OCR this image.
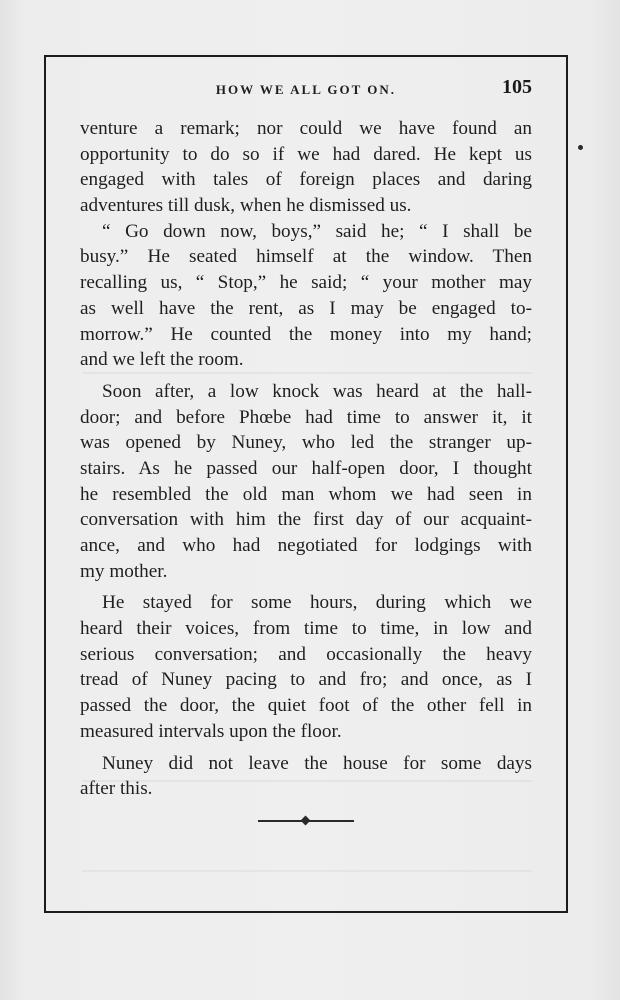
HOW WE ALL GOT ON.	105
venture a remark; nor could we have found an
opportunity to do so if we had dared. He kept us
engaged with tales of foreign places and daring
adventures till dusk, when he dismissed us.
“ Go down now, boys,” said he; “ I shall be
busy.” He seated himself at the window. Then
recalling us, “ Stop,” he said; “ your mother may
as well have the rent, as I may be engaged to-
morrow.” He counted the money into my hand;
and we left the room.
Soon after, a low knock was heard at the hall-
door; and before Phœbe had time to answer it, it
was opened by Nuney, who led the stranger up-
stairs. As he passed our half-open door, I thought
he resembled the old man whom we had seen in
conversation with him the first day of our acquaint-
ance, and who had negotiated for lodgings with
my mother.
He stayed for some hours, during which we
heard their voices, from time to time, in low and
serious conversation; and occasionally the heavy
tread of Nuney pacing to and fro; and once, as I
passed the door, the quiet foot of the other fell in
measured intervals upon the floor.
Nuney did not leave the house for some days
after this.
